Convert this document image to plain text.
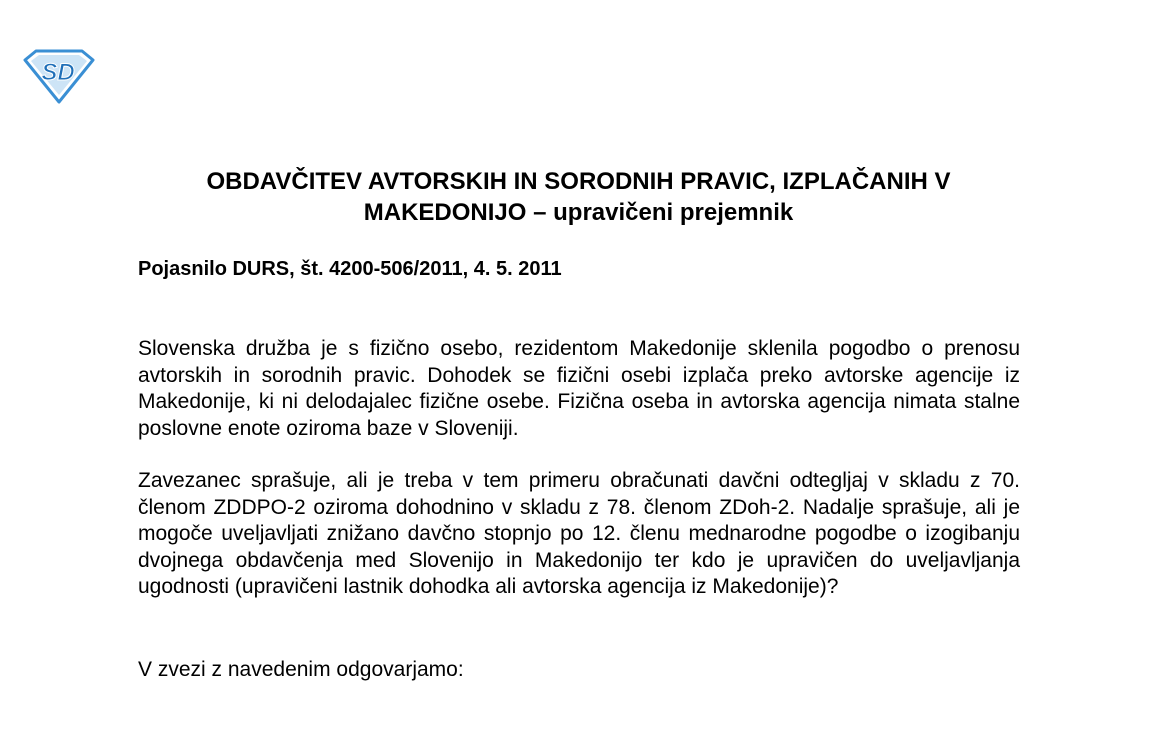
SD
OBDAVČITEV AVTORSKIH IN SORODNIH PRAVIC, IZPLAČANIH V
MAKEDONIJO – upravičeni prejemnik
Pojasnilo DURS, št. 4200-506/2011, 4. 5. 2011

Slovenska družba je s fizično osebo, rezidentom Makedonije sklenila pogodbo o prenosu avtorskih in sorodnih pravic. Dohodek se fizični osebi izplača preko avtorske agencije iz Makedonije, ki ni delodajalec fizične osebe. Fizična oseba in avtorska agencija nimata stalne poslovne enote oziroma baze v Sloveniji.

Zavezanec sprašuje, ali je treba v tem primeru obračunati davčni odtegljaj v skladu z 70. členom ZDDPO-2 oziroma dohodnino v skladu z 78. členom ZDoh-2. Nadalje sprašuje, ali je mogoče uveljavljati znižano davčno stopnjo po 12. členu mednarodne pogodbe o izogibanju dvojnega obdavčenja med Slovenijo in Makedonijo ter kdo je upravičen do uveljavljanja ugodnosti (upravičeni lastnik dohodka ali avtorska agencija iz Makedonije)?

V zvezi z navedenim odgovarjamo:
